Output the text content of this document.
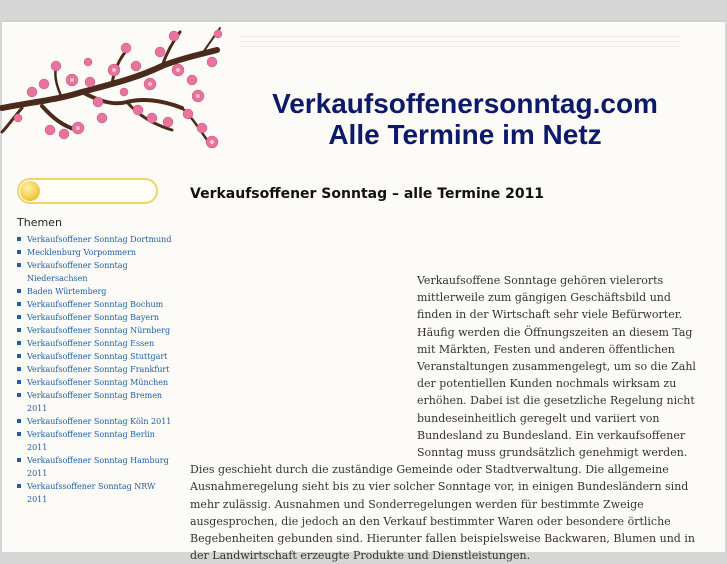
Verkaufsoffenersonntag.com
Alle Termine im Netz
Themen
Verkaufsoffener Sonntag Dortmund
Mecklenburg Vorpommern
Verkaufsoffener Sonntag Niedersachsen
Baden Würtemberg
Verkaufsoffener Sonntag Bochum
Verkaufsoffener Sonntag Bayern
Verkaufsoffener Sonntag Nürnberg
Verkaufsoffener Sonntag Essen
Verkaufsoffener Sonntag Stuttgart
Verkaufsoffener Sonntag Frankfurt
Verkaufsoffener Sonntag München
Verkaufsoffener Sonntag Bremen 2011
Verkaufsoffener Sonntag Köln 2011
Verkaufsoffener Sonntag Berlin 2011
Verkaufsoffener Sonntag Hamburg 2011
Verkaufssoffener Sonntag NRW 2011
Verkaufsoffener Sonntag – alle Termine 2011
Verkaufsoffene Sonntage gehören vielerorts mittlerweile zum gängigen Geschäftsbild und finden in der Wirtschaft sehr viele Befürworter. Häufig werden die Öffnungszeiten an diesem Tag mit Märkten, Festen und anderen öffentlichen Veranstaltungen zusammengelegt, um so die Zahl der potentiellen Kunden nochmals wirksam zu erhöhen. Dabei ist die gesetzliche Regelung nicht bundeseinheitlich geregelt und variiert von Bundesland zu Bundesland. Ein verkaufsoffener Sonntag muss grundsätzlich genehmigt werden. Dies geschieht durch die zuständige Gemeinde oder Stadtverwaltung. Die allgemeine Ausnahmeregelung sieht bis zu vier solcher Sonntage vor, in einigen Bundesländern sind mehr zulässig. Ausnahmen und Sonderregelungen werden für bestimmte Zweige ausgesprochen, die jedoch an den Verkauf bestimmter Waren oder besondere örtliche Begebenheiten gebunden sind. Hierunter fallen beispielsweise Backwaren, Blumen und in der Landwirtschaft erzeugte Produkte und Dienstleistungen.
